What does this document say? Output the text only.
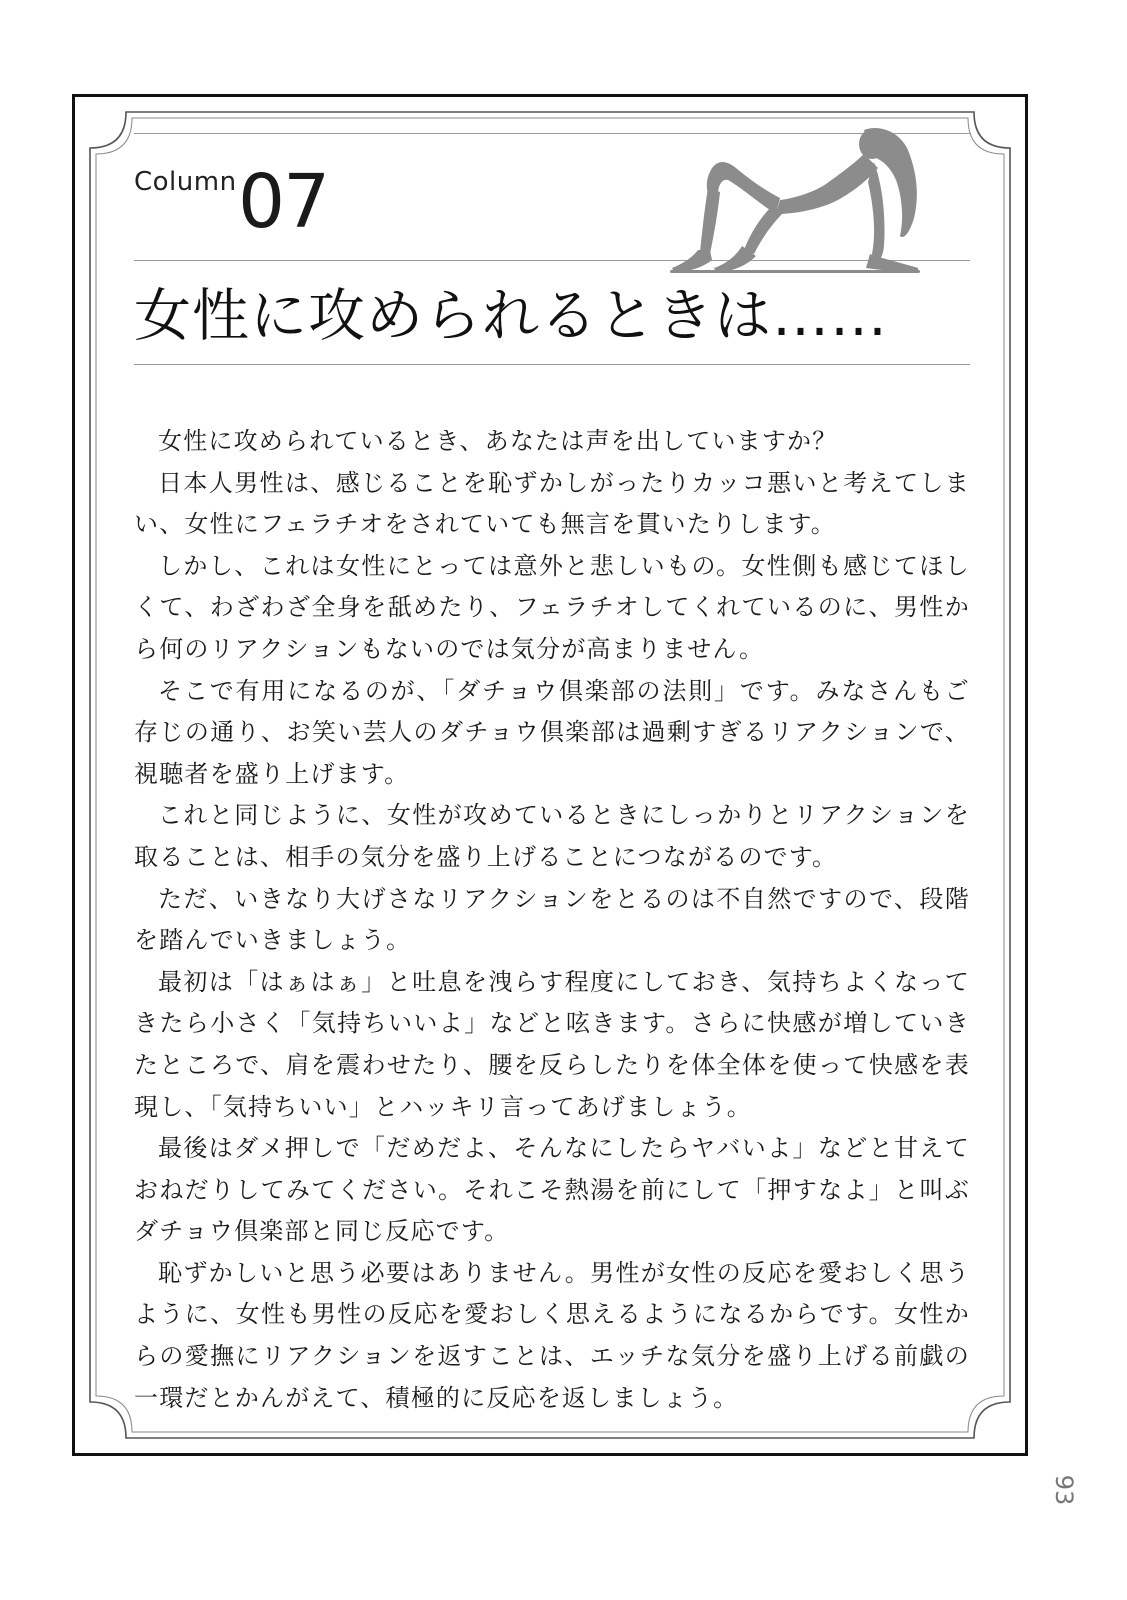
Column 07
女性に攻められるときは……

女性に攻められているとき、あなたは声を出していますか？

日本人男性は、感じることを恥ずかしがったりカッコ悪いと考えてしまい、女性にフェラチオをされていても無言を貫いたりします。

しかし、これは女性にとっては意外と悲しいもの。女性側も感じてほしくて、わざわざ全身を舐めたり、フェラチオしてくれているのに、男性から何のリアクションもないのでは気分が高まりません。

そこで有用になるのが、「ダチョウ倶楽部の法則」です。みなさんもご存じの通り、お笑い芸人のダチョウ倶楽部は過剰すぎるリアクションで、視聴者を盛り上げます。

これと同じように、女性が攻めているときにしっかりとリアクションを取ることは、相手の気分を盛り上げることにつながるのです。

ただ、いきなり大げさなリアクションをとるのは不自然ですので、段階を踏んでいきましょう。

最初は「はぁはぁ」と吐息を洩らす程度にしておき、気持ちよくなってきたら小さく「気持ちいいよ」などと呟きます。さらに快感が増していきたところで、肩を震わせたり、腰を反らしたりを体全体を使って快感を表現し、「気持ちいい」とハッキリ言ってあげましょう。

最後はダメ押しで「だめだよ、そんなにしたらヤバいよ」などと甘えておねだりしてみてください。それこそ熱湯を前にして「押すなよ」と叫ぶダチョウ倶楽部と同じ反応です。

恥ずかしいと思う必要はありません。男性が女性の反応を愛おしく思うように、女性も男性の反応を愛おしく思えるようになるからです。女性からの愛撫にリアクションを返すことは、エッチな気分を盛り上げる前戯の一環だとかんがえて、積極的に反応を返しましょう。

93
